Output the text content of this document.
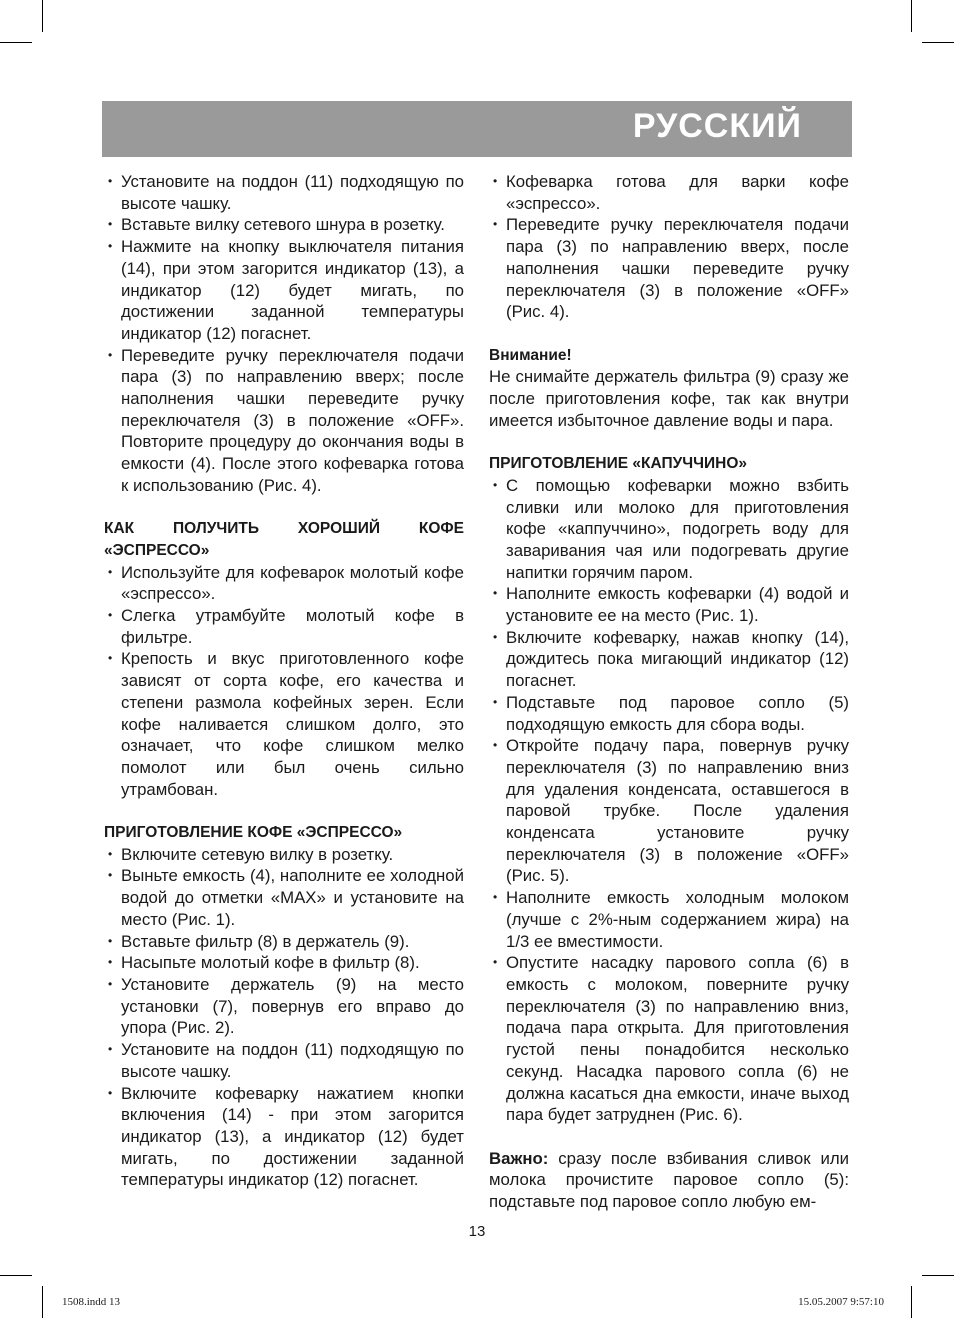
РУССКИЙ
• Установите на поддон (11) подходящую по высоте чашку.
• Вставьте вилку сетевого шнура в розетку.
• Нажмите на кнопку выключателя питания (14), при этом загорится индикатор (13), а индикатор (12) будет мигать, по достижении заданной температуры индикатор (12) погаснет.
• Переведите ручку переключателя подачи пара (3) по направлению вверх; после наполнения чашки переведите ручку переключателя (3) в положение «OFF». Повторите процедуру до окончания воды в емкости (4). После этого кофеварка готова к использованию (Рис. 4).

КАК ПОЛУЧИТЬ ХОРОШИЙ КОФЕ «ЭСПРЕССО»

• Используйте для кофеварок молотый кофе «эспрессо».
• Слегка утрамбуйте молотый кофе в фильтре.
• Крепость и вкус приготовленного кофе зависят от сорта кофе, его качества и степени размола кофейных зерен. Если кофе наливается слишком долго, это означает, что кофе слишком мелко помолот или был очень сильно утрамбован.

ПРИГОТОВЛЕНИЕ КОФЕ «ЭСПРЕССО»

• Включите сетевую вилку в розетку.
• Выньте емкость (4), наполните ее холодной водой до отметки «MAX» и установите на место (Рис. 1).
• Вставьте фильтр (8) в держатель (9).
• Насыпьте молотый кофе в фильтр (8).
• Установите держатель (9) на место установки (7), повернув его вправо до упора (Рис. 2).
• Установите на поддон (11) подходящую по высоте чашку.
• Включите кофеварку нажатием кнопки включения (14) - при этом загорится индикатор (13), а индикатор (12) будет мигать, по достижении заданной температуры индикатор (12) погаснет.
• Кофеварка готова для варки кофе «эспрессо».
• Переведите ручку переключателя подачи пара (3) по направлению вверх, после наполнения чашки переведите ручку переключателя (3) в положение «OFF» (Рис. 4).

Внимание!

Не снимайте держатель фильтра (9) сразу же после приготовления кофе, так как внутри имеется избыточное давление воды и пара.

ПРИГОТОВЛЕНИЕ «КАПУЧЧИНО»

• С помощью кофеварки можно взбить сливки или молоко для приготовления кофе «каппуччино», подогреть воду для заваривания чая или подогревать другие напитки горячим паром.
• Наполните емкость кофеварки (4) водой и установите ее на место (Рис. 1).
• Включите кофеварку, нажав кнопку (14), дождитесь пока мигающий индикатор (12) погаснет.
• Подставьте под паровое сопло (5) подходящую емкость для сбора воды.
• Откройте подачу пара, повернув ручку переключателя (3) по направлению вниз для удаления конденсата, оставшегося в паровой трубке. После удаления конденсата установите ручку переключателя (3) в положение «OFF» (Рис. 5).
• Наполните емкость холодным молоком (лучше с 2%-ным содержанием жира) на 1/3 ее вместимости.
• Опустите насадку парового сопла (6) в емкость с молоком, поверните ручку переключателя (3) по направлению вниз, подача пара открыта. Для приготовления густой пены понадобится несколько секунд. Насадка парового сопла (6) не должна касаться дна емкости, иначе выход пара будет затруднен (Рис. 6).

Важно: сразу после взбивания сливок или молока прочистите паровое сопло (5): подставьте под паровое сопло любую ем-

13
1508.indd 13	15.05.2007 9:57:10
